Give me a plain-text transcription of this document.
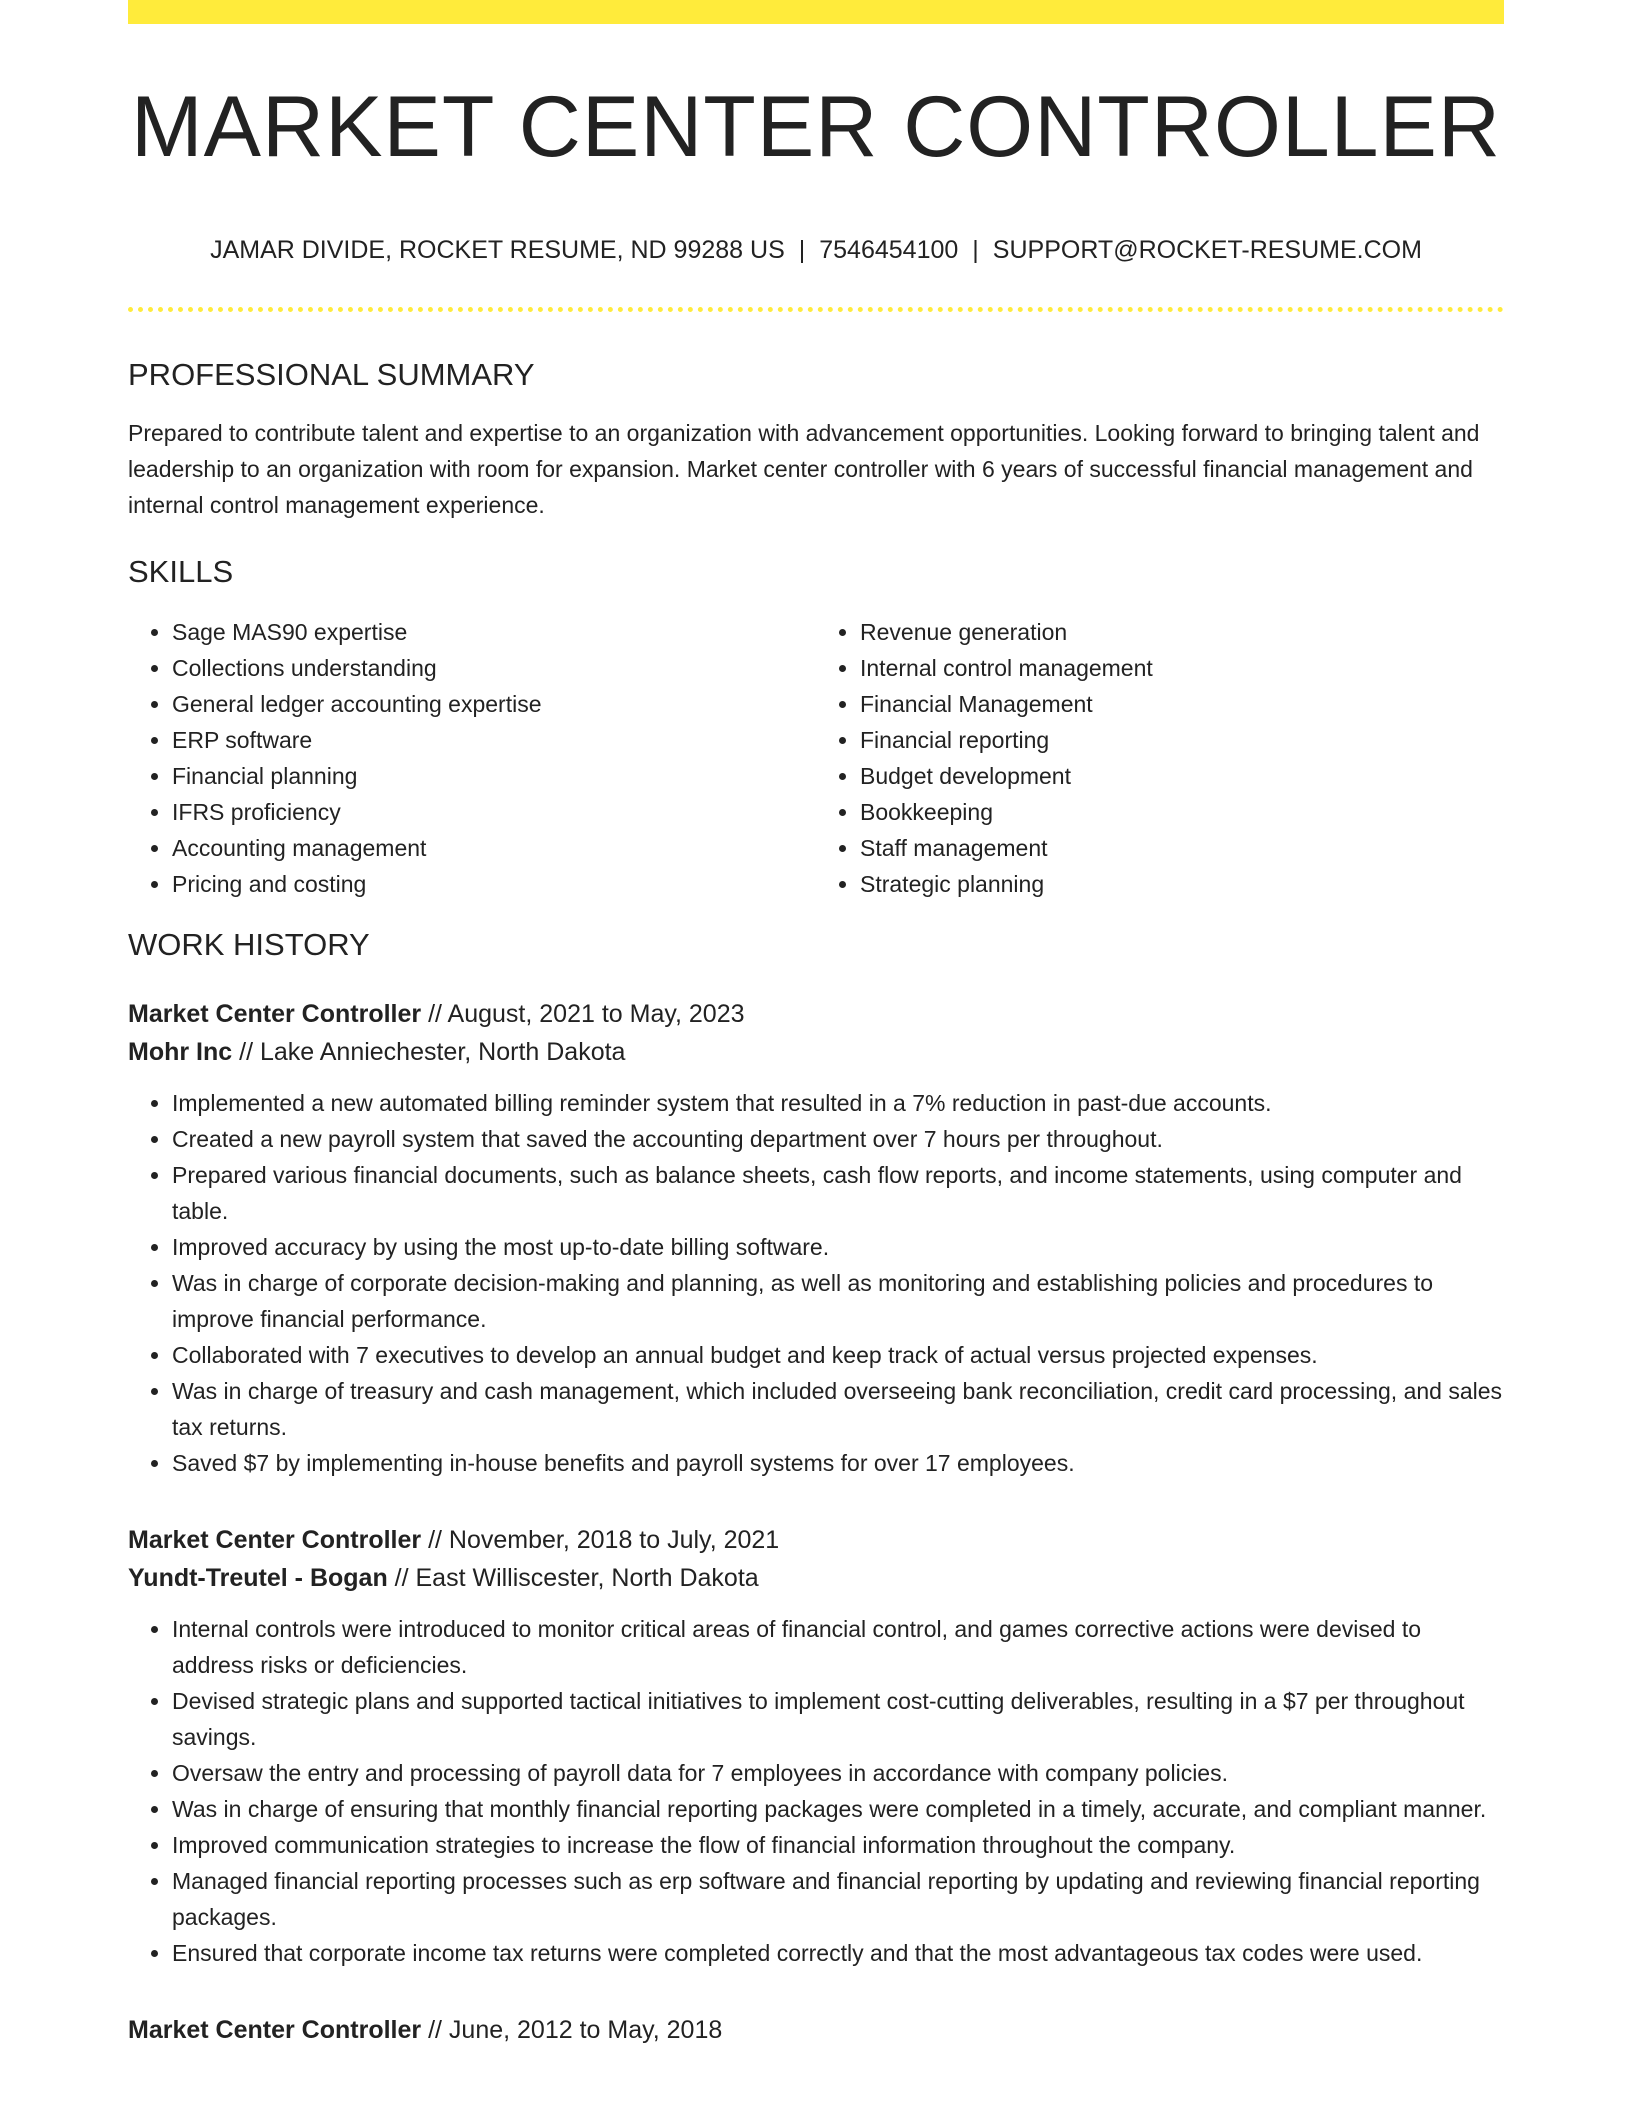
MARKET CENTER CONTROLLER
JAMAR DIVIDE, ROCKET RESUME, ND 99288 US | 7546454100 | SUPPORT@ROCKET-RESUME.COM
PROFESSIONAL SUMMARY

Prepared to contribute talent and expertise to an organization with advancement opportunities. Looking forward to bringing talent and leadership to an organization with room for expansion. Market center controller with 6 years of successful financial management and internal control management experience.

SKILLS
• Sage MAS90 expertise
• Collections understanding
• General ledger accounting expertise
• ERP software
• Financial planning
• IFRS proficiency
• Accounting management
• Pricing and costing
• Revenue generation
• Internal control management
• Financial Management
• Financial reporting
• Budget development
• Bookkeeping
• Staff management
• Strategic planning
WORK HISTORY
Market Center Controller // August, 2021 to May, 2023
Mohr Inc // Lake Anniechester, North Dakota
• Implemented a new automated billing reminder system that resulted in a 7% reduction in past-due accounts.
• Created a new payroll system that saved the accounting department over 7 hours per throughout.
• Prepared various financial documents, such as balance sheets, cash flow reports, and income statements, using computer and table.
• Improved accuracy by using the most up-to-date billing software.
• Was in charge of corporate decision-making and planning, as well as monitoring and establishing policies and procedures to improve financial performance.
• Collaborated with 7 executives to develop an annual budget and keep track of actual versus projected expenses.
• Was in charge of treasury and cash management, which included overseeing bank reconciliation, credit card processing, and sales tax returns.
• Saved $7 by implementing in-house benefits and payroll systems for over 17 employees.
Market Center Controller // November, 2018 to July, 2021
Yundt-Treutel - Bogan // East Williscester, North Dakota
• Internal controls were introduced to monitor critical areas of financial control, and games corrective actions were devised to address risks or deficiencies.
• Devised strategic plans and supported tactical initiatives to implement cost-cutting deliverables, resulting in a $7 per throughout savings.
• Oversaw the entry and processing of payroll data for 7 employees in accordance with company policies.
• Was in charge of ensuring that monthly financial reporting packages were completed in a timely, accurate, and compliant manner.
• Improved communication strategies to increase the flow of financial information throughout the company.
• Managed financial reporting processes such as erp software and financial reporting by updating and reviewing financial reporting packages.
• Ensured that corporate income tax returns were completed correctly and that the most advantageous tax codes were used.
Market Center Controller // June, 2012 to May, 2018
